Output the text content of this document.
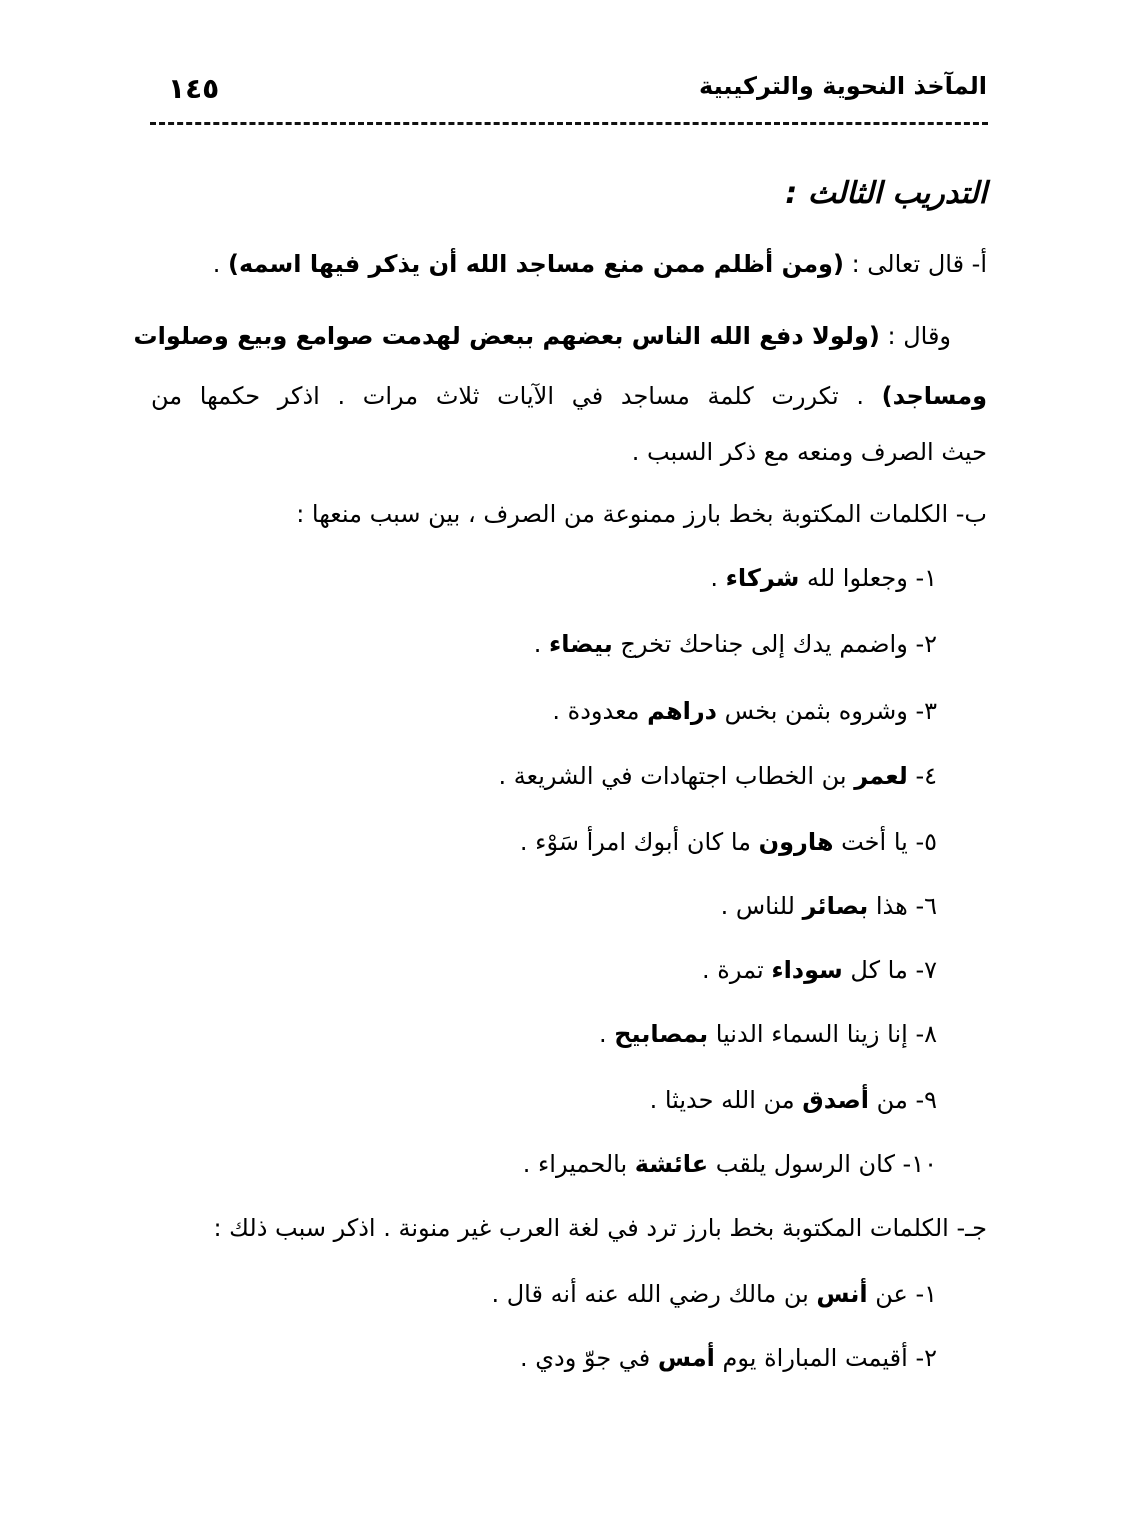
المآخذ النحوية والتركيبية
١٤٥
التدريب الثالث :
أ- قال تعالى : (ومن أظلم ممن منع مساجد الله أن يذكر فيها اسمه) .
وقال : (ولولا دفع الله الناس بعضهم ببعض لهدمت صوامع وبيع وصلوات
ومساجد) . تكررت كلمة مساجد في الآيات ثلاث مرات . اذكر حكمها من
حيث الصرف ومنعه مع ذكر السبب .
ب- الكلمات المكتوبة بخط بارز ممنوعة من الصرف ، بين سبب منعها :
١- وجعلوا لله شركاء .
٢- واضمم يدك إلى جناحك تخرج بيضاء .
٣- وشروه بثمن بخس دراهم معدودة .
٤- لعمر بن الخطاب اجتهادات في الشريعة .
٥- يا أخت هارون ما كان أبوك امرأ سَوْء .
٦- هذا بصائر للناس .
٧- ما كل سوداء تمرة .
٨- إنا زينا السماء الدنيا بمصابيح .
٩- من أصدق من الله حديثا .
١٠- كان الرسول يلقب عائشة بالحميراء .
جـ- الكلمات المكتوبة بخط بارز ترد في لغة العرب غير منونة . اذكر سبب ذلك :
١- عن أنس بن مالك رضي الله عنه أنه قال .
٢- أقيمت المباراة يوم أمس في جوّ ودي .
